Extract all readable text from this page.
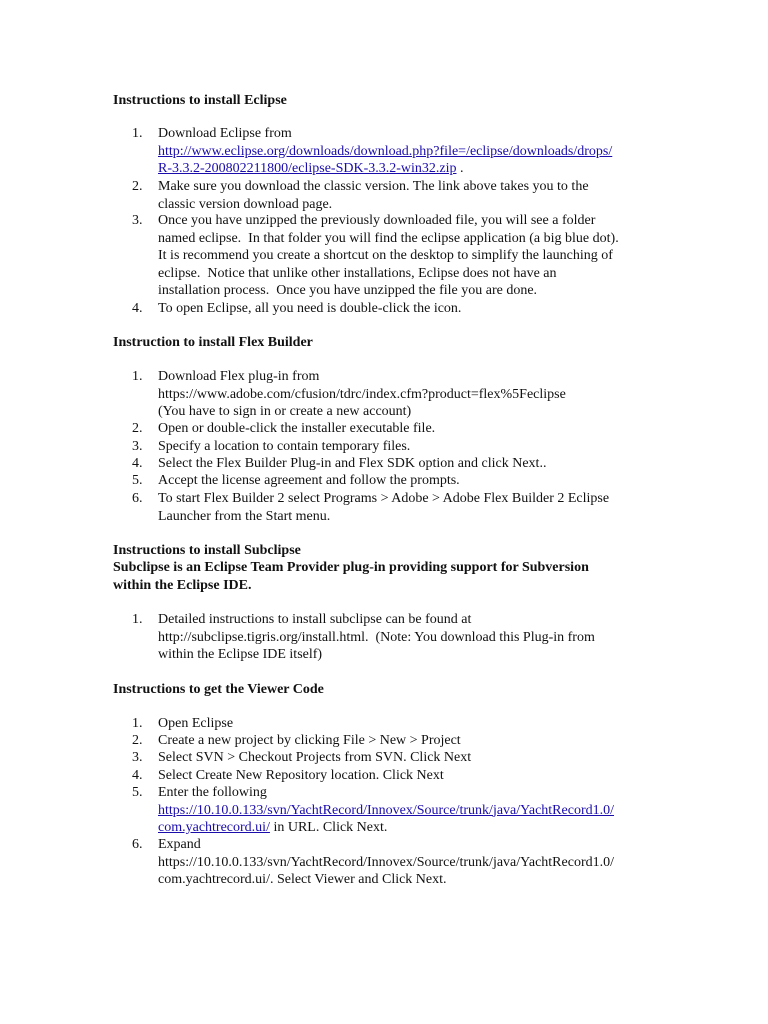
Instructions to install Eclipse
1.	Download Eclipse from
http://www.eclipse.org/downloads/download.php?file=/eclipse/downloads/drops/
R-3.3.2-200802211800/eclipse-SDK-3.3.2-win32.zip .
2.	Make sure you download the classic version. The link above takes you to the
classic version download page.
3.	Once you have unzipped the previously downloaded file, you will see a folder
named eclipse.  In that folder you will find the eclipse application (a big blue dot).
It is recommend you create a shortcut on the desktop to simplify the launching of
eclipse.  Notice that unlike other installations, Eclipse does not have an
installation process.  Once you have unzipped the file you are done.
4.	To open Eclipse, all you need is double-click the icon.
Instruction to install Flex Builder
1.	Download Flex plug-in from
https://www.adobe.com/cfusion/tdrc/index.cfm?product=flex%5Feclipse
(You have to sign in or create a new account)
2.	Open or double-click the installer executable file.
3.	Specify a location to contain temporary files.
4.	Select the Flex Builder Plug-in and Flex SDK option and click Next..
5.	Accept the license agreement and follow the prompts.
6.	To start Flex Builder 2 select Programs > Adobe > Adobe Flex Builder 2 Eclipse
Launcher from the Start menu.
Instructions to install Subclipse
Subclipse is an Eclipse Team Provider plug-in providing support for Subversion
within the Eclipse IDE.
1.	Detailed instructions to install subclipse can be found at
http://subclipse.tigris.org/install.html.  (Note: You download this Plug-in from
within the Eclipse IDE itself)
Instructions to get the Viewer Code
1.	Open Eclipse
2.	Create a new project by clicking File > New > Project
3.	Select SVN > Checkout Projects from SVN. Click Next
4.	Select Create New Repository location. Click Next
5.	Enter the following
https://10.10.0.133/svn/YachtRecord/Innovex/Source/trunk/java/YachtRecord1.0/
com.yachtrecord.ui/ in URL. Click Next.
6.	Expand
https://10.10.0.133/svn/YachtRecord/Innovex/Source/trunk/java/YachtRecord1.0/
com.yachtrecord.ui/. Select Viewer and Click Next.
